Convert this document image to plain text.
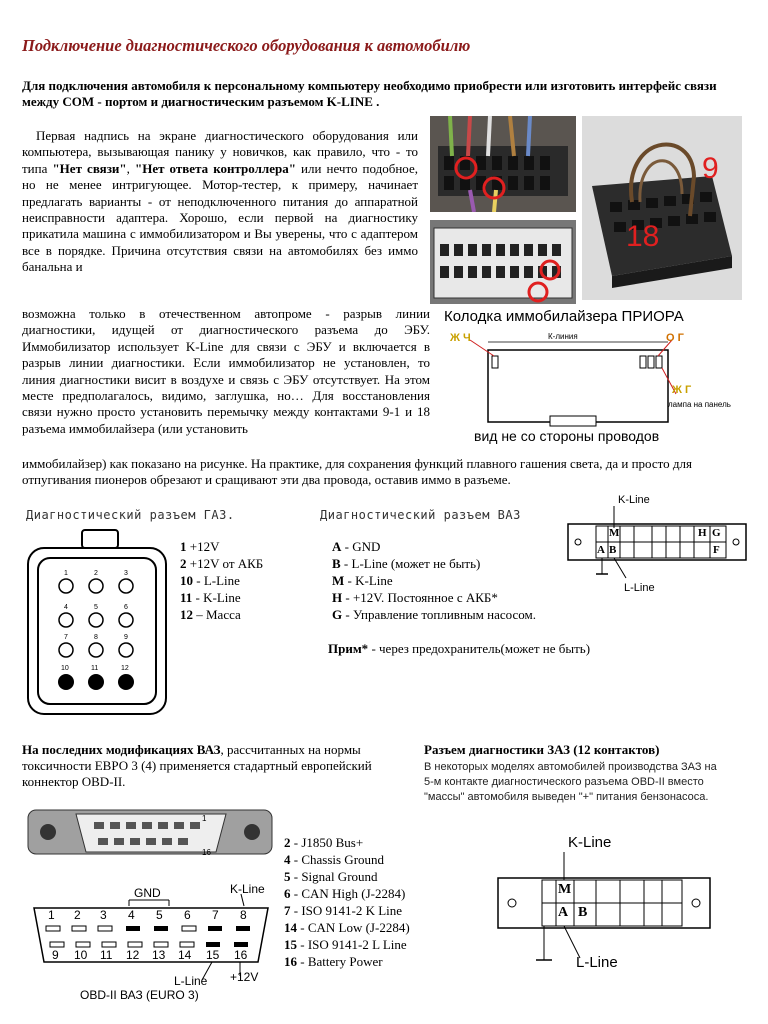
Подключение диагностического оборудования к автомобилю
Для подключения автомобиля к персональному компьютеру необходимо приобрести или изготовить интерфейс связи между COM - портом и диагностическим разъемом K-LINE .
Первая надпись на экране диагностического оборудования или компьютера, вызывающая панику у новичков, как правило, что - то типа "Нет связи", "Нет ответа контроллера" или нечто подобное, но не менее интригующее. Мотор-тестер, к примеру, начинает предлагать варианты - от неподключенного питания до аппаратной неисправности адаптера. Хорошо, если первой на диагностику прикатила машина с иммобилизатором и Вы уверены, что с адаптером все в порядке. Причина отсутствия связи на автомобилях без иммо банальна и
9
18
возможна только в отечественном автопроме - разрыв линии диагностики, идущей от диагностического разъема до ЭБУ. Иммобилизатор использует K-Line для связи с ЭБУ и включается в разрыв линии диагностики. Если иммобилизатор не установлен, то линия диагностики висит в воздухе и связь с ЭБУ отсутствует. На этом месте предполагалось, видимо, заглушка, но… Для восстановления связи нужно просто установить перемычку между контактами 9-1 и 18 разъема иммобилайзера (или установить
Колодка иммобилайзера ПРИОРА
Ж Ч	К-линия	О Г
Ж Г
лампа на панель
вид не со стороны проводов
иммобилайзер) как показано на рисунке. На практике, для сохранения функций плавного гашения света, да и просто для отпугивания пионеров обрезают и сращивают эти два провода, оставив иммо в разъеме.
Диагностический разъем ГАЗ.
1	2	3
4	5	6
7	8	9
10	11	12
1 +12V
2 +12V от АКБ
10 - L-Line
11 - K-Line
12 – Масса
Диагностический разъем ВАЗ
A - GND
B - L-Line (может не быть)
M - K-Line
H - +12V. Постоянное с АКБ*
G - Управление топливным насосом.
Прим* - через предохранитель(может не быть)
K-Line
L-Line
M	H G
A B	F
На последних модификациях ВАЗ, рассчитанных на нормы токсичности ЕВРО 3 (4) применяется стадартный европейский коннектор OBD-II.
1
16
1 2 3 4 5 6 7 8
9 10 11 12 13 14 15 16
GND	K-Line
L-Line +12V
OBD-II ВАЗ (EURO 3)
2 - J1850 Bus+
4 - Chassis Ground
5 - Signal Ground
6 - CAN High (J-2284)
7 - ISO 9141-2 K Line
14 - CAN Low (J-2284)
15 - ISO 9141-2 L Line
16 - Battery Power
Разъем диагностики ЗАЗ (12 контактов)
В некоторых моделях автомобилей производства ЗАЗ на 5-м контакте диагностического разъема OBD-II вместо "массы" автомобиля выведен "+" питания бензонасоса.
K-Line
L-Line
M
A B
